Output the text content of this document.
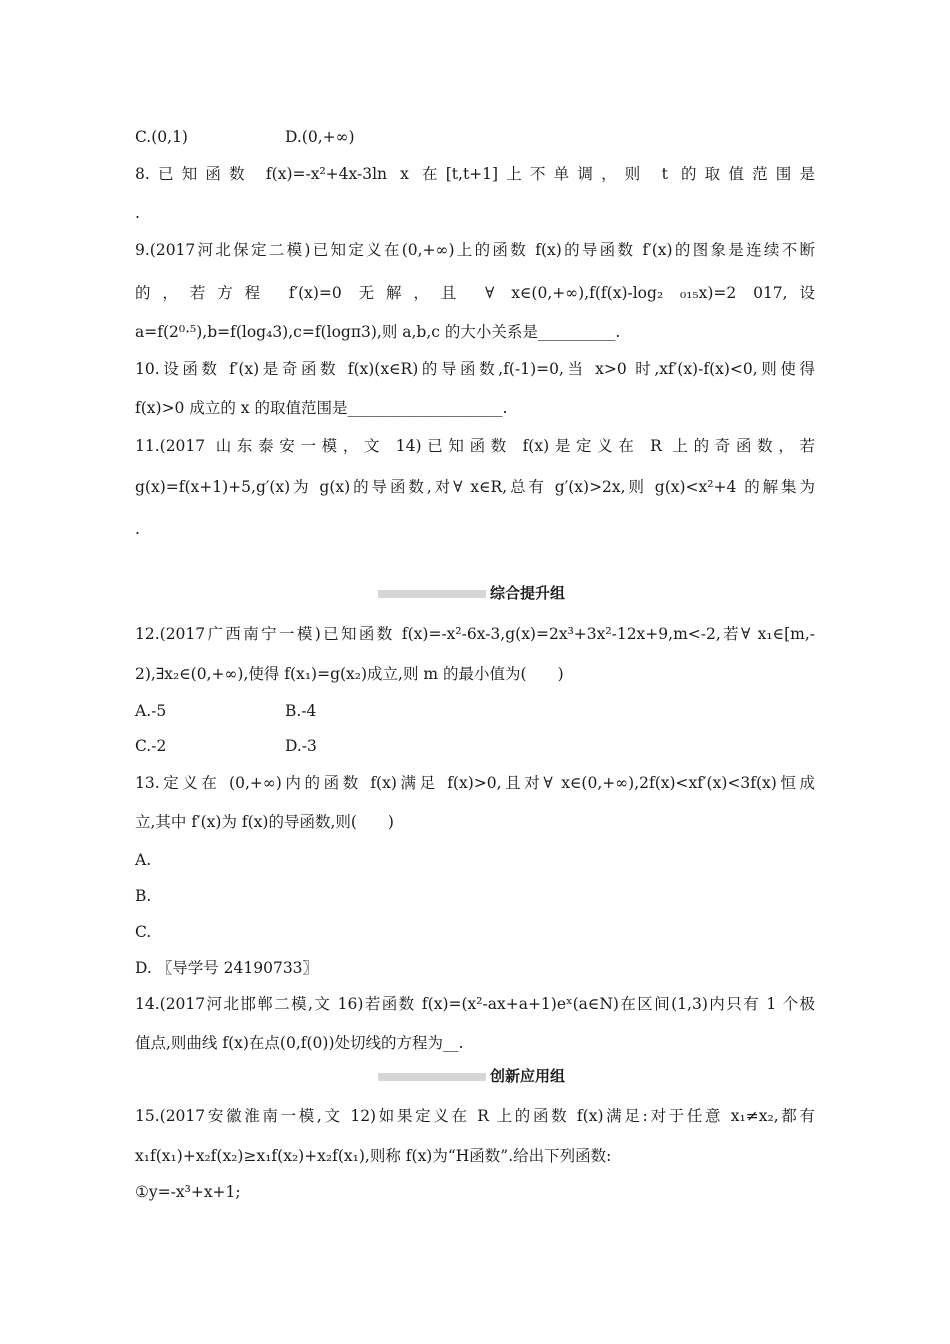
C.(0,1)	D.(0,+∞)
8.已知函数 f(x)=-x²+4x-3ln x 在[t,t+1]上不单调，则 t 的取值范围是
.
9.(2017河北保定二模)已知定义在(0,+∞)上的函数 f(x)的导函数 f′(x)的图象是连续不断
的，若方程 f′(x)=0 无解，且 ∀ x∈(0,+∞),f(f(x)-log₂ ₀₁₅x)=2 017,设
a=f(2⁰·⁵),b=f(log₄3),c=f(logπ3),则 a,b,c 的大小关系是__________.
10.设函数 f′(x)是奇函数 f(x)(x∈R)的导函数,f(-1)=0,当 x>0 时,xf′(x)-f(x)<0,则使得
f(x)>0 成立的 x 的取值范围是____________________.
11.(2017 山东泰安一模，文 14)已知函数 f(x)是定义在 R 上的奇函数，若
g(x)=f(x+1)+5,g′(x)为 g(x)的导函数,对∀ x∈R,总有 g′(x)>2x,则 g(x)<x²+4 的解集为
.
综合提升组
12.(2017广西南宁一模)已知函数 f(x)=-x²-6x-3,g(x)=2x³+3x²-12x+9,m<-2,若∀ x₁∈[m,-
2),∃x₂∈(0,+∞),使得 f(x₁)=g(x₂)成立,则 m 的最小值为(　　)
A.-5	B.-4
C.-2	D.-3
13.定义在 (0,+∞)内的函数 f(x)满足 f(x)>0,且对∀ x∈(0,+∞),2f(x)<xf′(x)<3f(x)恒成
立,其中 f′(x)为 f(x)的导函数,则(　　)
A.
B.
C.
D. 〖导学号 24190733〗
14.(2017河北邯郸二模,文 16)若函数 f(x)=(x²-ax+a+1)eˣ(a∈N)在区间(1,3)内只有 1 个极
值点,则曲线 f(x)在点(0,f(0))处切线的方程为__.
创新应用组
15.(2017安徽淮南一模,文 12)如果定义在 R 上的函数 f(x)满足:对于任意 x₁≠x₂,都有
x₁f(x₁)+x₂f(x₂)≥x₁f(x₂)+x₂f(x₁),则称 f(x)为“H函数”.给出下列函数:
①y=-x³+x+1;
